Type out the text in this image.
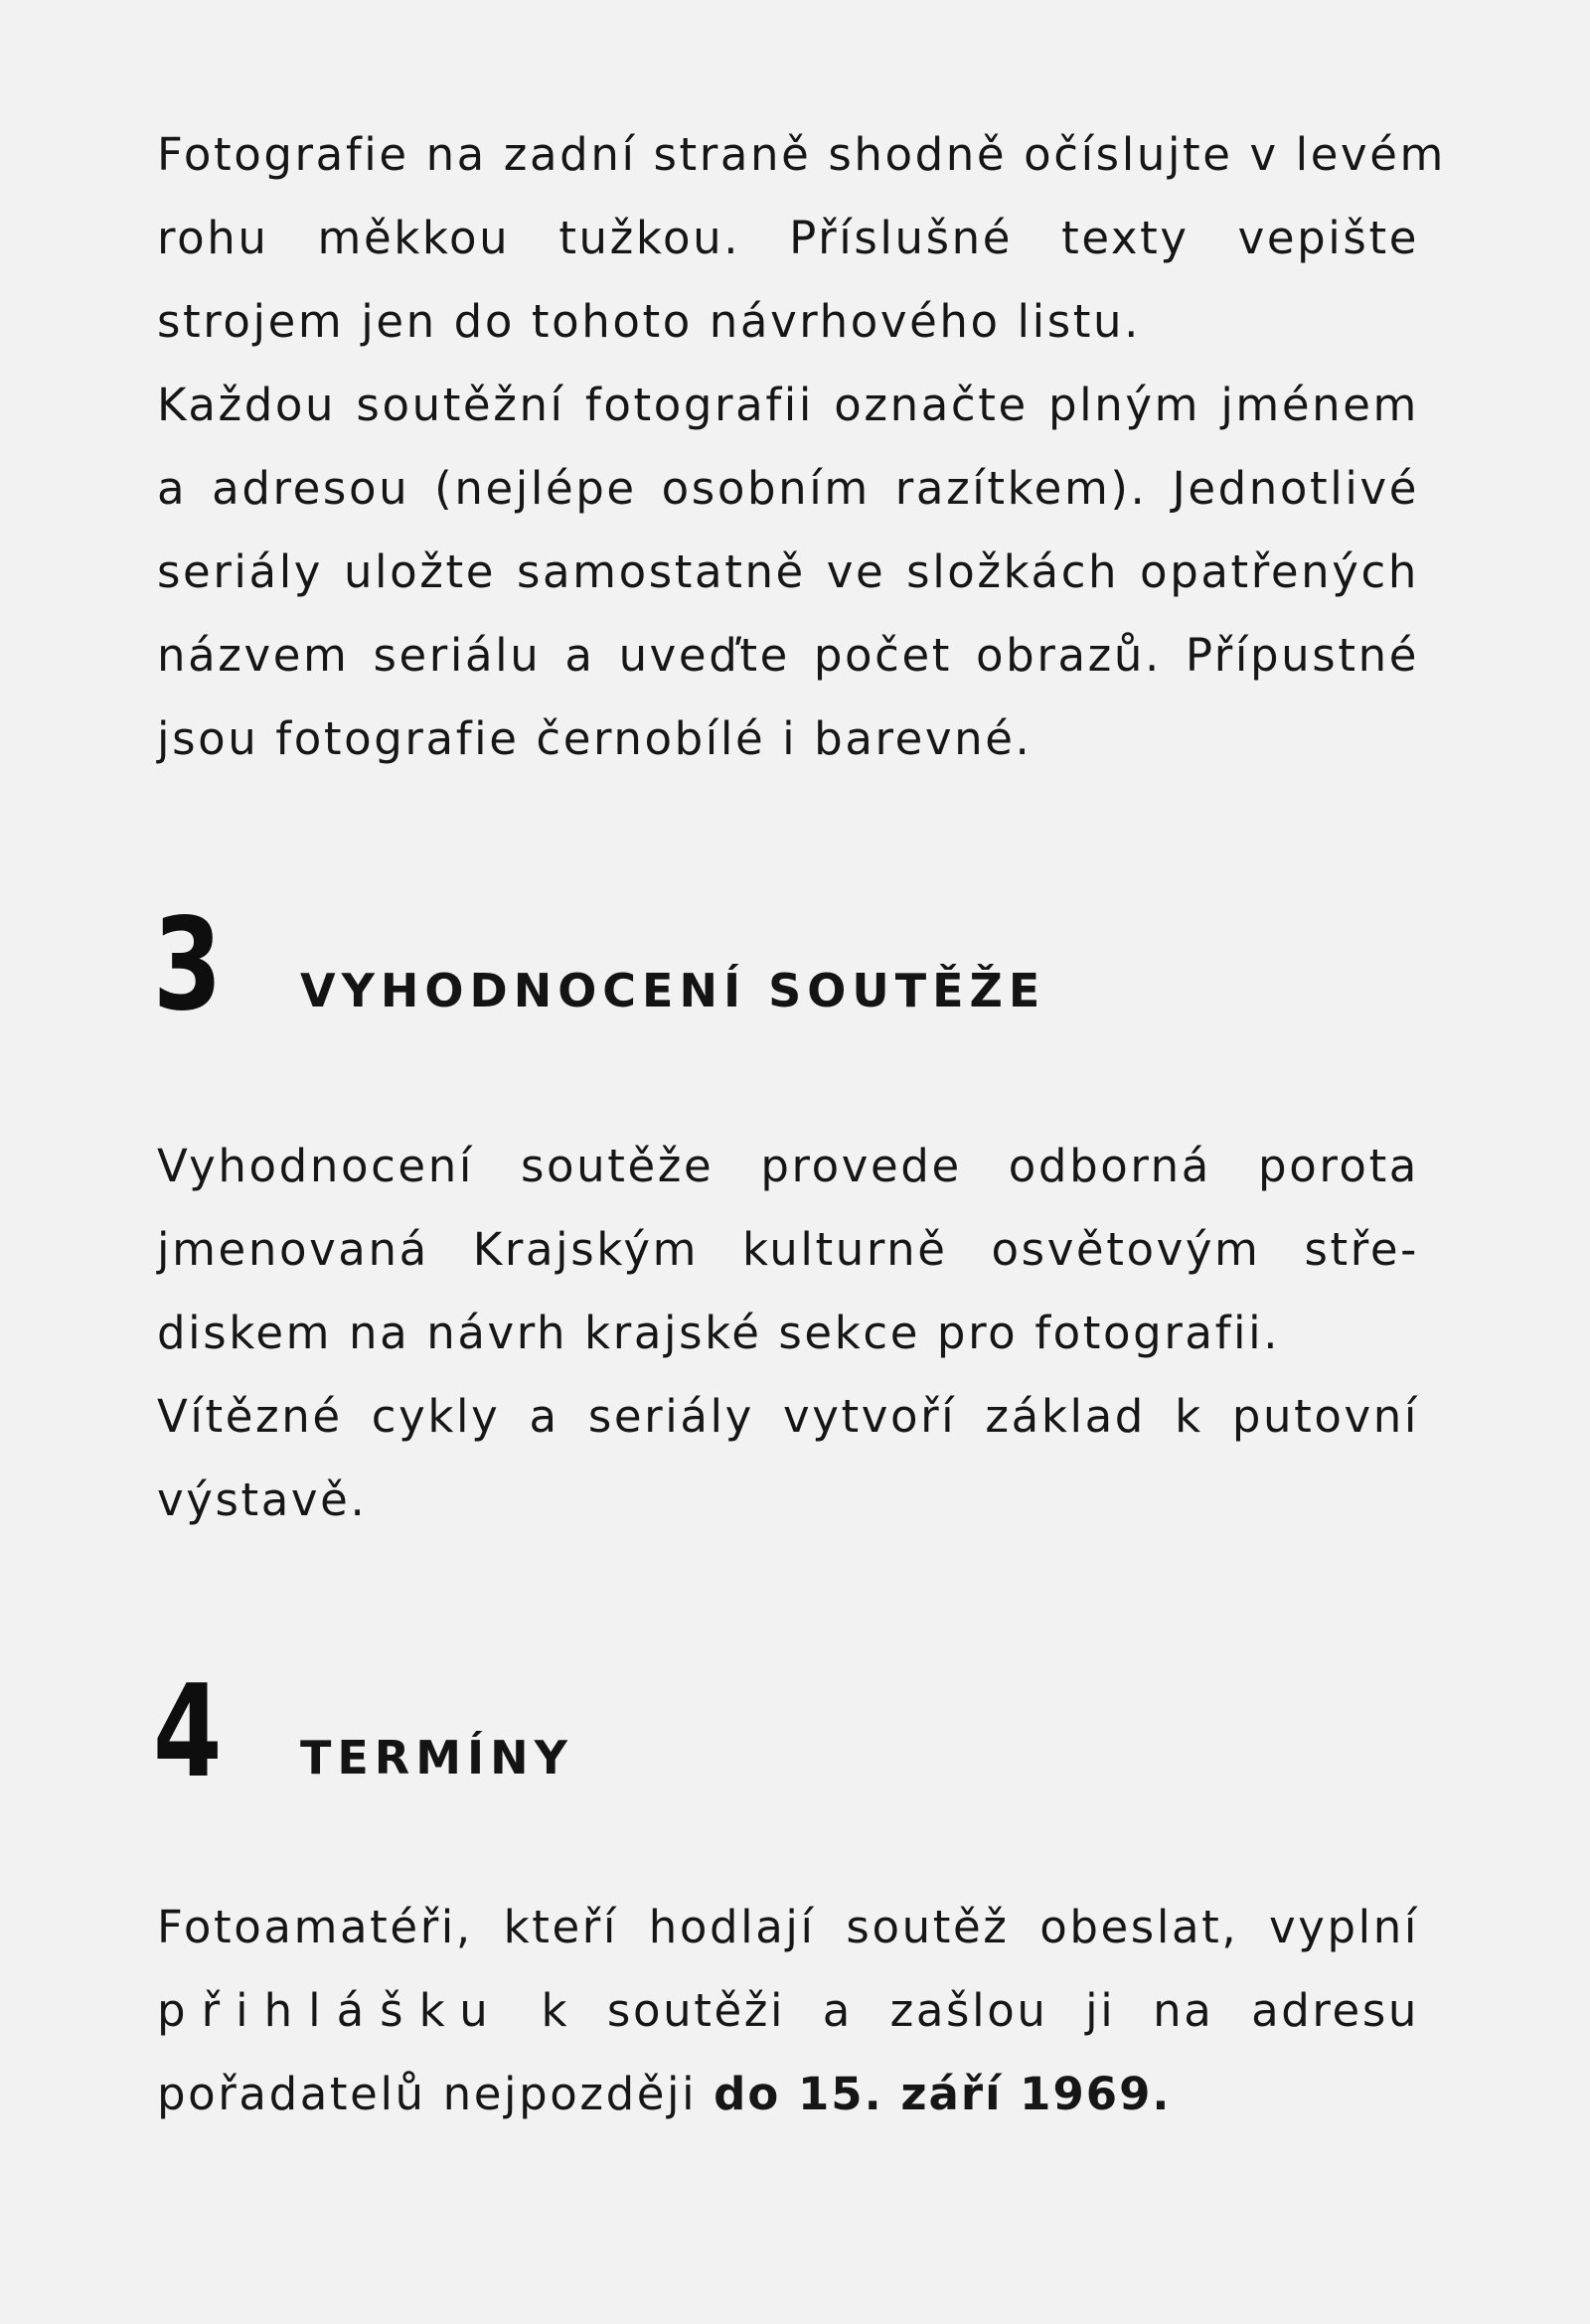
Fotografie na zadní straně shodně očíslujte v levém
rohu měkkou tužkou. Příslušné texty vepište
strojem jen do tohoto návrhového listu.
Každou soutěžní fotografii označte plným jménem
a adresou (nejlépe osobním razítkem). Jednotlivé
seriály uložte samostatně ve složkách opatřených
názvem seriálu a uveďte počet obrazů. Přípustné
jsou fotografie černobílé i barevné.
3 VYHODNOCENÍ SOUTĚŽE
Vyhodnocení soutěže provede odborná porota
jmenovaná Krajským kulturně osvětovým stře-
diskem na návrh krajské sekce pro fotografii.
Vítězné cykly a seriály vytvoří základ k putovní
výstavě.
4 TERMÍNY
Fotoamatéři, kteří hodlají soutěž obeslat, vyplní
přihlášku k soutěži a zašlou ji na adresu
pořadatelů nejpozději do 15. září 1969.
